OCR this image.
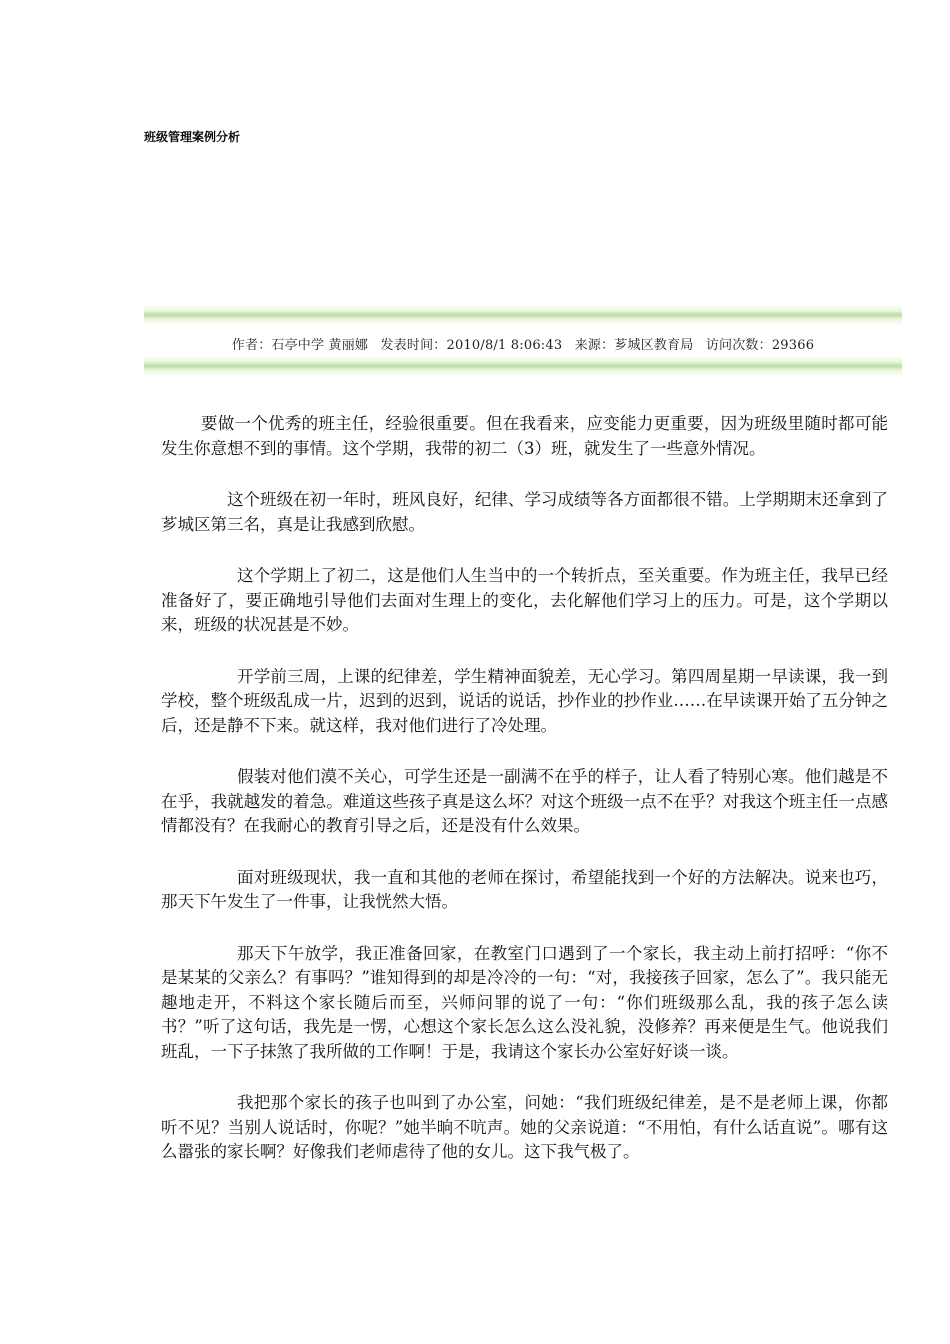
班级管理案例分析
作者：石亭中学 黄丽娜 发表时间：2010/8/1 8:06:43 来源：芗城区教育局 访问次数：29366

要做一个优秀的班主任，经验很重要。但在我看来，应变能力更重要，因为班级里随时都可能发生你意想不到的事情。这个学期，我带的初二（3）班，就发生了一些意外情况。

这个班级在初一年时，班风良好，纪律、学习成绩等各方面都很不错。上学期期末还拿到了芗城区第三名，真是让我感到欣慰。

这个学期上了初二，这是他们人生当中的一个转折点，至关重要。作为班主任，我早已经准备好了，要正确地引导他们去面对生理上的变化，去化解他们学习上的压力。可是，这个学期以来，班级的状况甚是不妙。

开学前三周，上课的纪律差，学生精神面貌差，无心学习。第四周星期一早读课，我一到学校，整个班级乱成一片，迟到的迟到，说话的说话，抄作业的抄作业……在早读课开始了五分钟之后，还是静不下来。就这样，我对他们进行了冷处理。

假装对他们漠不关心，可学生还是一副满不在乎的样子，让人看了特别心寒。他们越是不在乎，我就越发的着急。难道这些孩子真是这么坏？对这个班级一点不在乎？对我这个班主任一点感情都没有？在我耐心的教育引导之后，还是没有什么效果。

面对班级现状，我一直和其他的老师在探讨，希望能找到一个好的方法解决。说来也巧，那天下午发生了一件事，让我恍然大悟。

那天下午放学，我正准备回家，在教室门口遇到了一个家长，我主动上前打招呼：“你不是某某的父亲么？有事吗？”谁知得到的却是冷冷的一句：“对，我接孩子回家，怎么了”。我只能无趣地走开，不料这个家长随后而至，兴师问罪的说了一句：“你们班级那么乱，我的孩子怎么读书？”听了这句话，我先是一愣，心想这个家长怎么这么没礼貌，没修养？再来便是生气。他说我们班乱，一下子抹煞了我所做的工作啊！于是，我请这个家长办公室好好谈一谈。

我把那个家长的孩子也叫到了办公室，问她：“我们班级纪律差，是不是老师上课，你都听不见？当别人说话时，你呢？”她半晌不吭声。她的父亲说道：“不用怕，有什么话直说”。哪有这么嚣张的家长啊？好像我们老师虐待了他的女儿。这下我气极了。
